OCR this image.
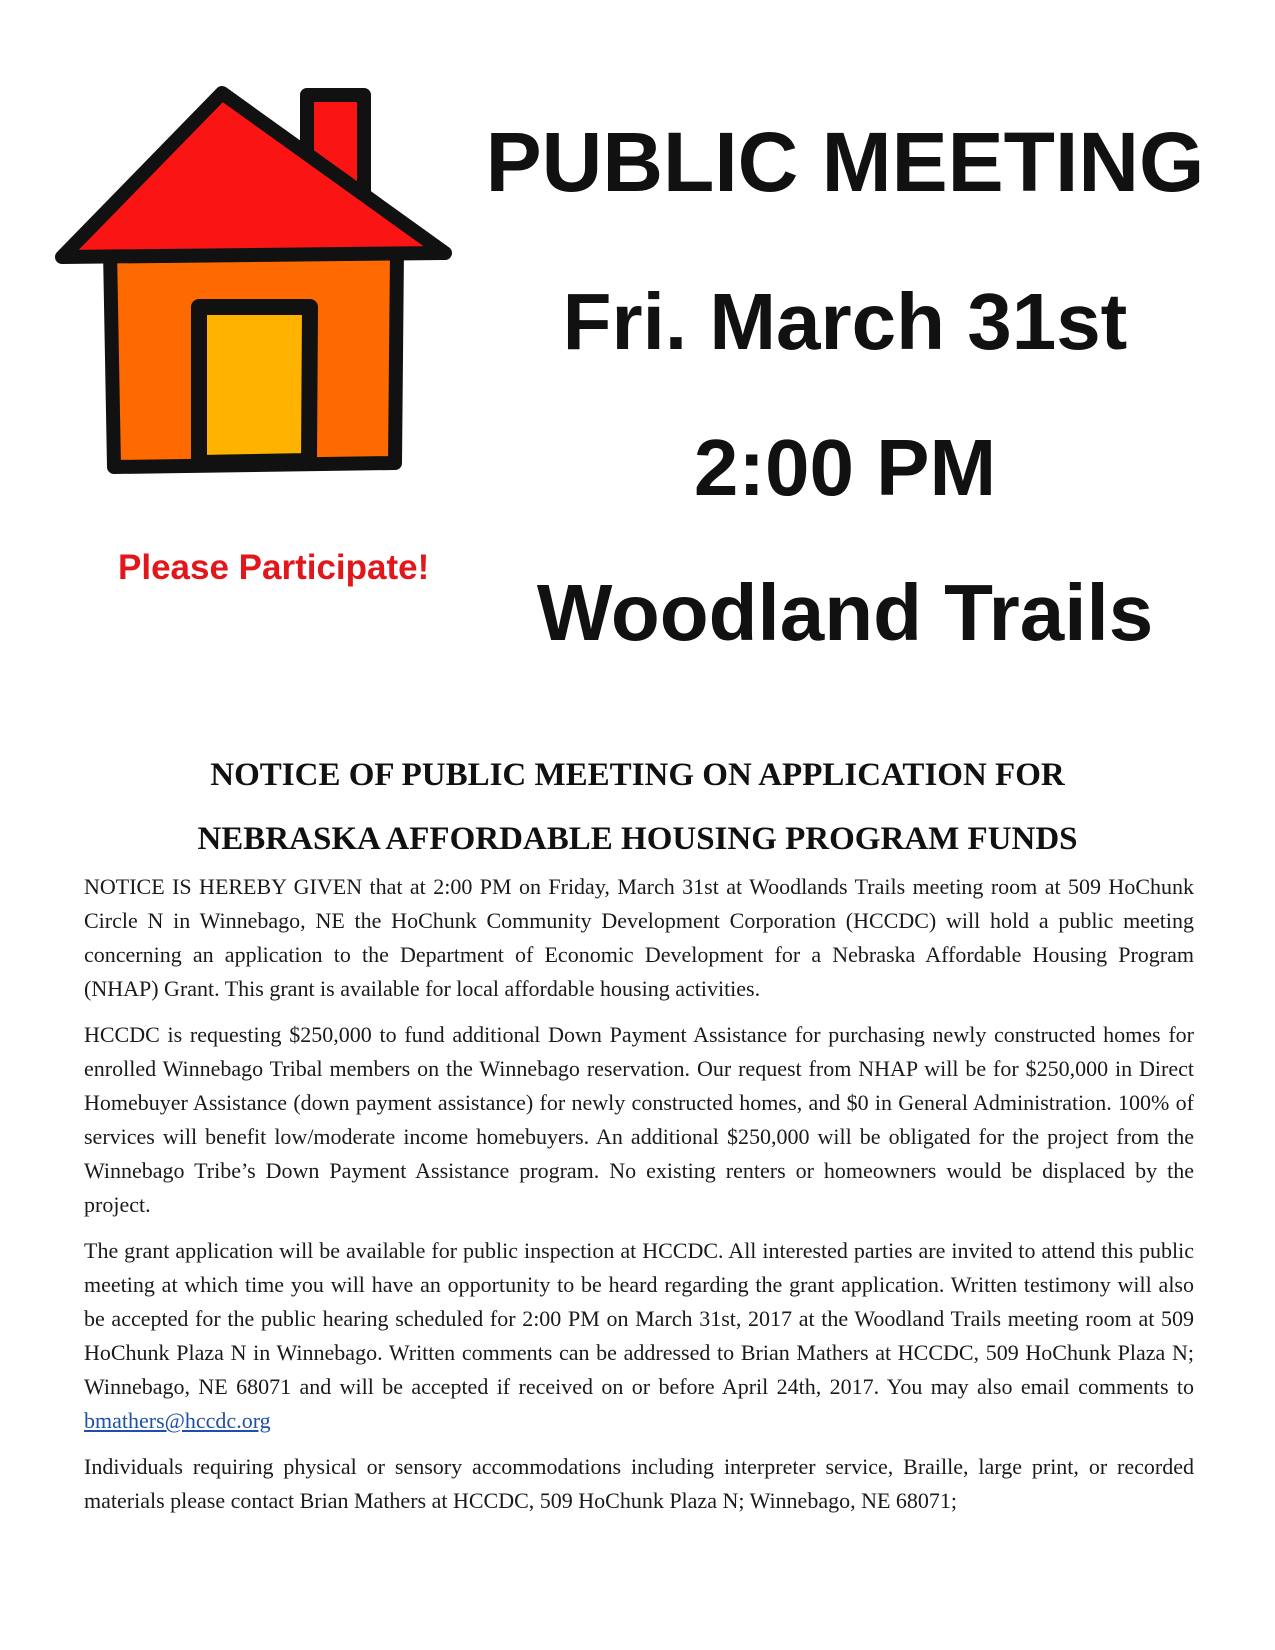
Please Participate!
PUBLIC MEETING
Fri. March 31st
2:00 PM
Woodland Trails
NOTICE OF PUBLIC MEETING ON APPLICATION FOR
NEBRASKA AFFORDABLE HOUSING PROGRAM FUNDS

NOTICE IS HEREBY GIVEN that at 2:00 PM on Friday, March 31st at Woodlands Trails meeting room at 509 HoChunk Circle N in Winnebago, NE the HoChunk Community Development Corporation (HCCDC) will hold a public meeting concerning an application to the Department of Economic Development for a Nebraska Affordable Housing Program (NHAP) Grant. This grant is available for local affordable housing activities.

HCCDC is requesting $250,000 to fund additional Down Payment Assistance for purchasing newly constructed homes for enrolled Winnebago Tribal members on the Winnebago reservation. Our request from NHAP will be for $250,000 in Direct Homebuyer Assistance (down payment assistance) for newly constructed homes, and $0 in General Administration. 100% of services will benefit low/moderate income homebuyers. An additional $250,000 will be obligated for the project from the Winnebago Tribe’s Down Payment Assistance program. No existing renters or homeowners would be displaced by the project.

The grant application will be available for public inspection at HCCDC. All interested parties are invited to attend this public meeting at which time you will have an opportunity to be heard regarding the grant application. Written testimony will also be accepted for the public hearing scheduled for 2:00 PM on March 31st, 2017 at the Woodland Trails meeting room at 509 HoChunk Plaza N in Winnebago. Written comments can be addressed to Brian Mathers at HCCDC, 509 HoChunk Plaza N; Winnebago, NE 68071 and will be accepted if received on or before April 24th, 2017. You may also email comments to bmathers@hccdc.org

Individuals requiring physical or sensory accommodations including interpreter service, Braille, large print, or recorded materials please contact Brian Mathers at HCCDC, 509 HoChunk Plaza N; Winnebago, NE 68071;
